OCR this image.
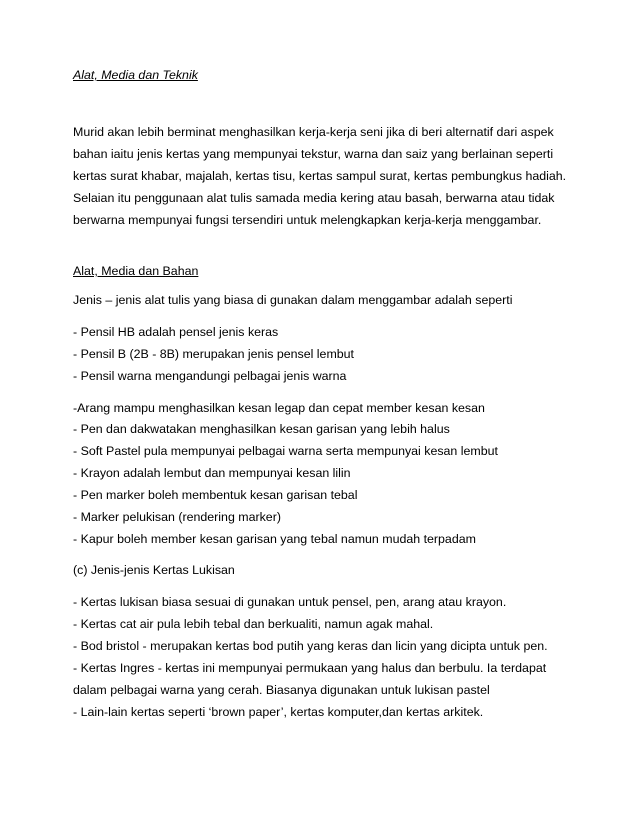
Alat, Media dan Teknik
Murid akan lebih berminat menghasilkan kerja-kerja seni jika di beri alternatif dari aspek
bahan iaitu jenis kertas yang mempunyai tekstur, warna dan saiz yang berlainan seperti
kertas surat khabar, majalah, kertas tisu, kertas sampul surat, kertas pembungkus hadiah.
Selaian itu penggunaan alat tulis samada media kering atau basah, berwarna atau tidak
berwarna mempunyai fungsi tersendiri untuk melengkapkan kerja-kerja menggambar.
Alat, Media dan Bahan
Jenis – jenis alat tulis yang biasa di gunakan dalam menggambar adalah seperti
- Pensil HB adalah pensel jenis keras
- Pensil B (2B - 8B) merupakan jenis pensel lembut
- Pensil warna mengandungi pelbagai jenis warna
-Arang mampu menghasilkan kesan legap dan cepat member kesan kesan
- Pen dan dakwatakan menghasilkan kesan garisan yang lebih halus
- Soft Pastel pula mempunyai pelbagai warna serta mempunyai kesan lembut
- Krayon adalah lembut dan mempunyai kesan lilin
- Pen marker boleh membentuk kesan garisan tebal
- Marker pelukisan (rendering marker)
- Kapur boleh member kesan garisan yang tebal namun mudah terpadam
(c) Jenis-jenis Kertas Lukisan
- Kertas lukisan biasa sesuai di gunakan untuk pensel, pen, arang atau krayon.
- Kertas cat air pula lebih tebal dan berkualiti, namun agak mahal.
- Bod bristol - merupakan kertas bod putih yang keras dan licin yang dicipta untuk pen.
- Kertas Ingres - kertas ini mempunyai permukaan yang halus dan berbulu. Ia terdapat
dalam pelbagai warna yang cerah. Biasanya digunakan untuk lukisan pastel
- Lain-lain kertas seperti ‘brown paper’, kertas komputer,dan kertas arkitek.
